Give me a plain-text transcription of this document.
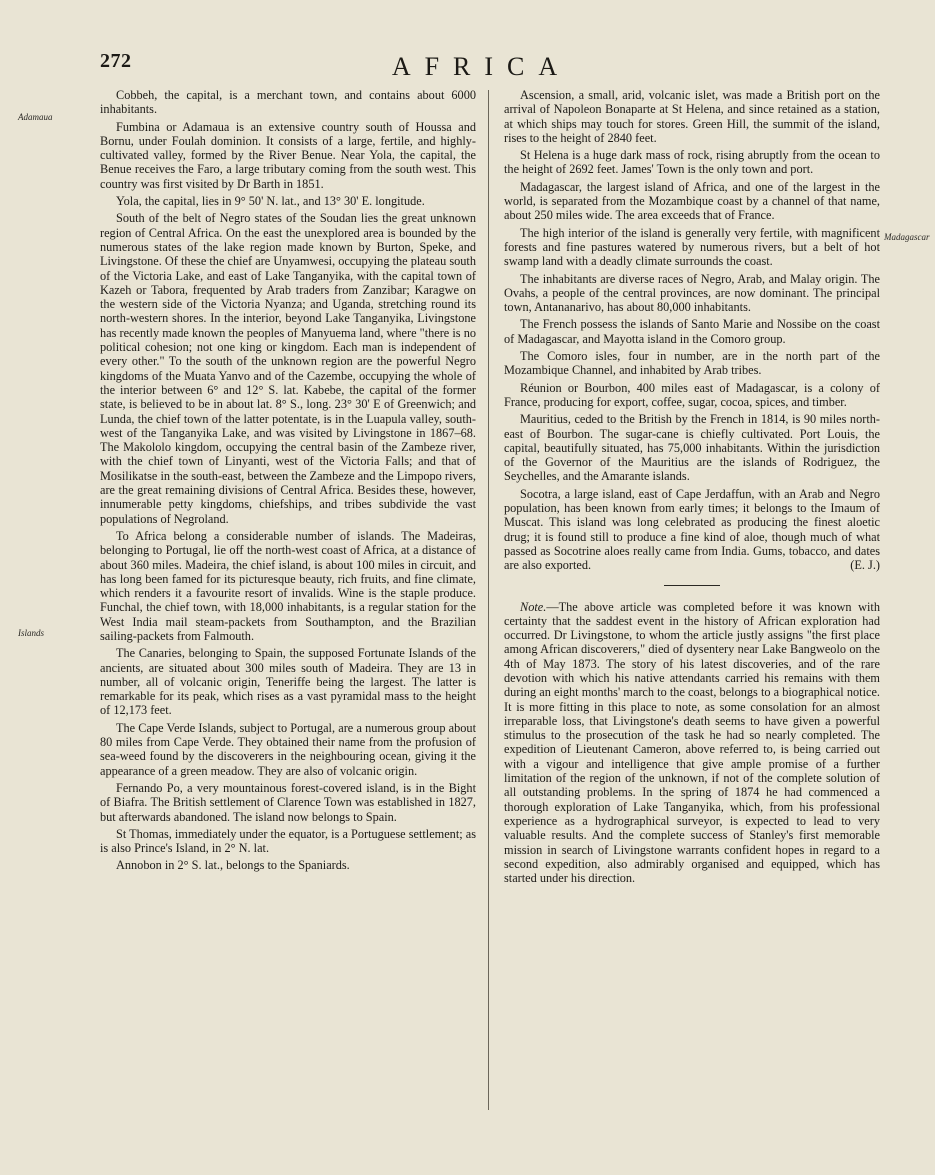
272	AFRICA
Adamaua
Islands
Madagascar

Cobbeh, the capital, is a merchant town, and contains about 6000 inhabitants.

Fumbina or Adamaua is an extensive country south of Houssa and Bornu, under Foulah dominion. It consists of a large, fertile, and highly-cultivated valley, formed by the River Benue. Near Yola, the capital, the Benue receives the Faro, a large tributary coming from the south west. This country was first visited by Dr Barth in 1851.

Yola, the capital, lies in 9° 50' N. lat., and 13° 30' E. longitude.

South of the belt of Negro states of the Soudan lies the great unknown region of Central Africa. On the east the unexplored area is bounded by the numerous states of the lake region made known by Burton, Speke, and Livingstone. Of these the chief are Unyamwesi, occupying the plateau south of the Victoria Lake, and east of Lake Tanganyika, with the capital town of Kazeh or Tabora, frequented by Arab traders from Zanzibar; Karagwe on the western side of the Victoria Nyanza; and Uganda, stretching round its north-western shores. In the interior, beyond Lake Tanganyika, Livingstone has recently made known the peoples of Manyuema land, where "there is no political cohesion; not one king or kingdom. Each man is independent of every other." To the south of the unknown region are the powerful Negro kingdoms of the Muata Yanvo and of the Cazembe, occupying the whole of the interior between 6° and 12° S. lat. Kabebe, the capital of the former state, is believed to be in about lat. 8° S., long. 23° 30' E of Greenwich; and Lunda, the chief town of the latter potentate, is in the Luapula valley, south-west of the Tanganyika Lake, and was visited by Livingstone in 1867–68. The Makololo kingdom, occupying the central basin of the Zambeze river, with the chief town of Linyanti, west of the Victoria Falls; and that of Mosilikatse in the south-east, between the Zambeze and the Limpopo rivers, are the great remaining divisions of Central Africa. Besides these, however, innumerable petty kingdoms, chiefships, and tribes subdivide the vast populations of Negroland.

To Africa belong a considerable number of islands. The Madeiras, belonging to Portugal, lie off the north-west coast of Africa, at a distance of about 360 miles. Madeira, the chief island, is about 100 miles in circuit, and has long been famed for its picturesque beauty, rich fruits, and fine climate, which renders it a favourite resort of invalids. Wine is the staple produce. Funchal, the chief town, with 18,000 inhabitants, is a regular station for the West India mail steam-packets from Southampton, and the Brazilian sailing-packets from Falmouth.

The Canaries, belonging to Spain, the supposed Fortunate Islands of the ancients, are situated about 300 miles south of Madeira. They are 13 in number, all of volcanic origin, Teneriffe being the largest. The latter is remarkable for its peak, which rises as a vast pyramidal mass to the height of 12,173 feet.

The Cape Verde Islands, subject to Portugal, are a numerous group about 80 miles from Cape Verde. They obtained their name from the profusion of sea-weed found by the discoverers in the neighbouring ocean, giving it the appearance of a green meadow. They are also of volcanic origin.

Fernando Po, a very mountainous forest-covered island, is in the Bight of Biafra. The British settlement of Clarence Town was established in 1827, but afterwards abandoned. The island now belongs to Spain.

St Thomas, immediately under the equator, is a Portuguese settlement; as is also Prince's Island, in 2° N. lat.

Annobon in 2° S. lat., belongs to the Spaniards.

Ascension, a small, arid, volcanic islet, was made a British port on the arrival of Napoleon Bonaparte at St Helena, and since retained as a station, at which ships may touch for stores. Green Hill, the summit of the island, rises to the height of 2840 feet.

St Helena is a huge dark mass of rock, rising abruptly from the ocean to the height of 2692 feet. James' Town is the only town and port.

Madagascar, the largest island of Africa, and one of the largest in the world, is separated from the Mozambique coast by a channel of that name, about 250 miles wide. The area exceeds that of France.

The high interior of the island is generally very fertile, with magnificent forests and fine pastures watered by numerous rivers, but a belt of hot swamp land with a deadly climate surrounds the coast.

The inhabitants are diverse races of Negro, Arab, and Malay origin. The Ovahs, a people of the central provinces, are now dominant. The principal town, Antananarivo, has about 80,000 inhabitants.

The French possess the islands of Santo Marie and Nossibe on the coast of Madagascar, and Mayotta island in the Comoro group.

The Comoro isles, four in number, are in the north part of the Mozambique Channel, and inhabited by Arab tribes.

Réunion or Bourbon, 400 miles east of Madagascar, is a colony of France, producing for export, coffee, sugar, cocoa, spices, and timber.

Mauritius, ceded to the British by the French in 1814, is 90 miles north-east of Bourbon. The sugar-cane is chiefly cultivated. Port Louis, the capital, beautifully situated, has 75,000 inhabitants. Within the jurisdiction of the Governor of the Mauritius are the islands of Rodriguez, the Seychelles, and the Amarante islands.

Socotra, a large island, east of Cape Jerdaffun, with an Arab and Negro population, has been known from early times; it belongs to the Imaum of Muscat. This island was long celebrated as producing the finest aloetic drug; it is found still to produce a fine kind of aloe, though much of what passed as Socotrine aloes really came from India. Gums, tobacco, and dates are also exported.	(E. J.)

Note.—The above article was completed before it was known with certainty that the saddest event in the history of African exploration had occurred. Dr Livingstone, to whom the article justly assigns "the first place among African discoverers," died of dysentery near Lake Bangweolo on the 4th of May 1873. The story of his latest discoveries, and of the rare devotion with which his native attendants carried his remains with them during an eight months' march to the coast, belongs to a biographical notice. It is more fitting in this place to note, as some consolation for an almost irreparable loss, that Livingstone's death seems to have given a powerful stimulus to the prosecution of the task he had so nearly completed. The expedition of Lieutenant Cameron, above referred to, is being carried out with a vigour and intelligence that give ample promise of a further limitation of the region of the unknown, if not of the complete solution of all outstanding problems. In the spring of 1874 he had commenced a thorough exploration of Lake Tanganyika, which, from his professional experience as a hydrographical surveyor, is expected to lead to very valuable results. And the complete success of Stanley's first memorable mission in search of Livingstone warrants confident hopes in regard to a second expedition, also admirably organised and equipped, which has started under his direction.
